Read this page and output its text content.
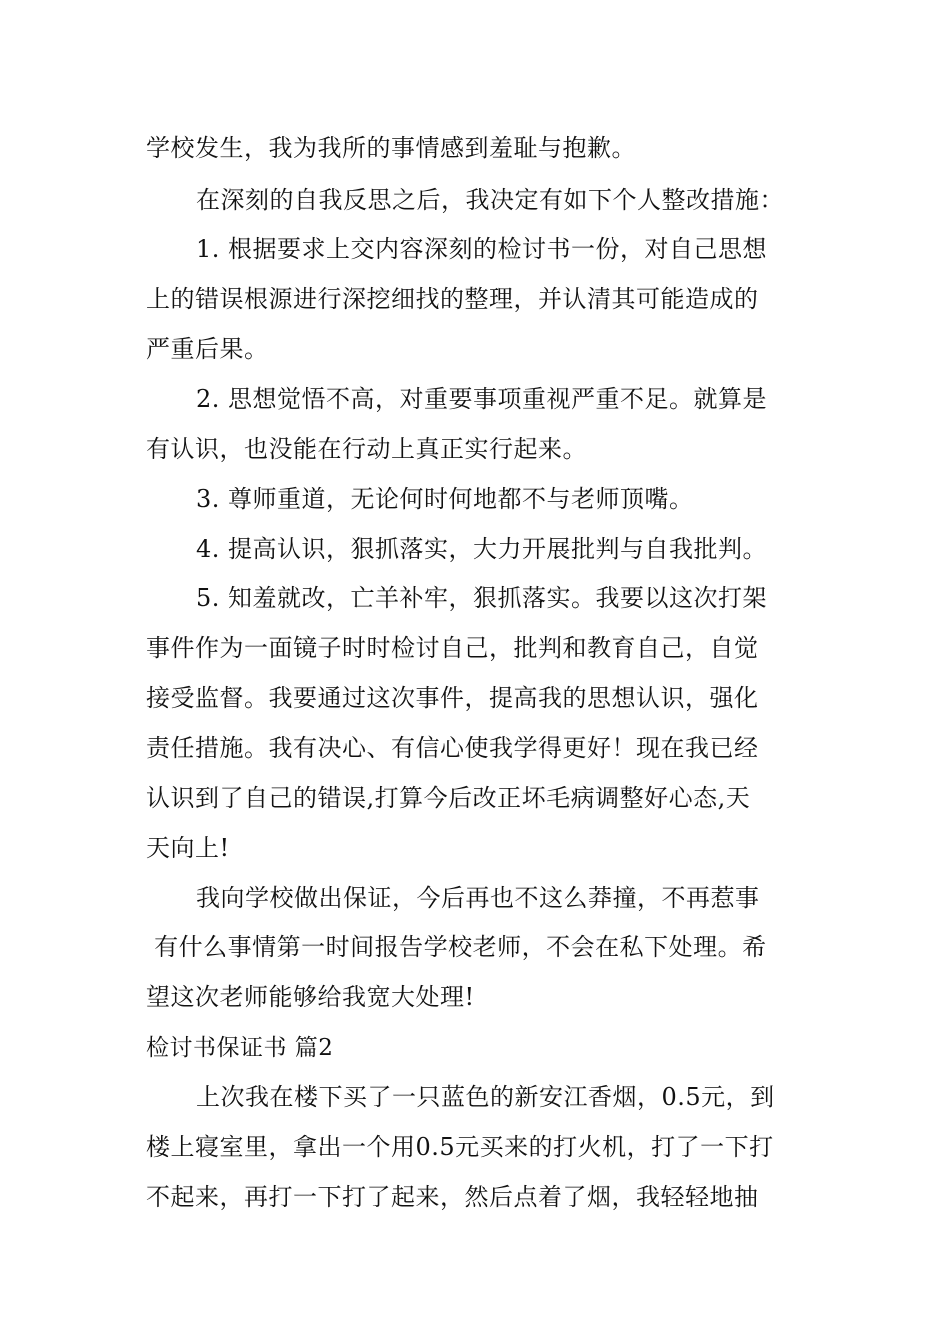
学校发生，我为我所的事情感到羞耻与抱歉。
在深刻的自我反思之后，我决定有如下个人整改措施：
1. 根据要求上交内容深刻的检讨书一份，对自己思想
上的错误根源进行深挖细找的整理，并认清其可能造成的
严重后果。
2. 思想觉悟不高，对重要事项重视严重不足。就算是
有认识，也没能在行动上真正实行起来。
3. 尊师重道，无论何时何地都不与老师顶嘴。
4. 提高认识，狠抓落实，大力开展批判与自我批判。
5. 知羞就改，亡羊补牢，狠抓落实。我要以这次打架
事件作为一面镜子时时检讨自己，批判和教育自己，自觉
接受监督。我要通过这次事件，提高我的思想认识，强化
责任措施。我有决心、有信心使我学得更好！现在我已经
认识到了自己的错误,打算今后改正坏毛病调整好心态,天
天向上!
我向学校做出保证，今后再也不这么莽撞，不再惹事
有什么事情第一时间报告学校老师，不会在私下处理。希
望这次老师能够给我宽大处理!
检讨书保证书 篇2
上次我在楼下买了一只蓝色的新安江香烟，0.5元，到
楼上寝室里，拿出一个用0.5元买来的打火机，打了一下打
不起来，再打一下打了起来，然后点着了烟，我轻轻地抽
